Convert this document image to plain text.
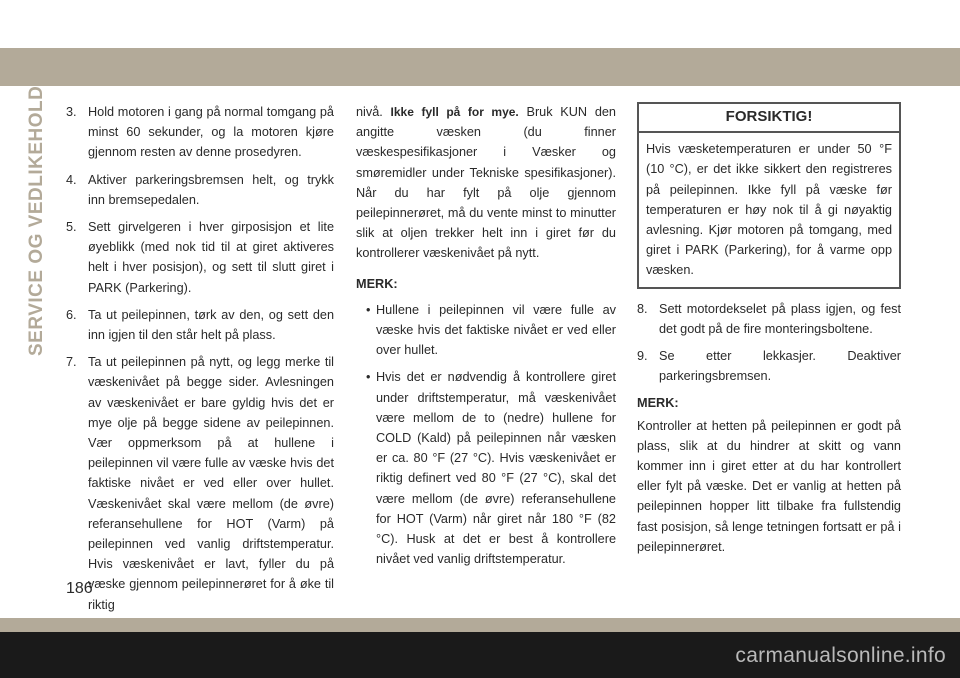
SERVICE OG VEDLIKEHOLD 3. Hold motoren i gang på normal tomgang på minst 60 sekunder, og la motoren kjøre gjennom resten av denne prosedyren.
4. Aktiver parkeringsbremsen helt, og trykk inn bremsepedalen.
5. Sett girvelgeren i hver girposisjon et lite øyeblikk (med nok tid til at giret aktiveres helt i hver posisjon), og sett til slutt giret i PARK (Parkering).
6. Ta ut peilepinnen, tørk av den, og sett den inn igjen til den står helt på plass.
7. Ta ut peilepinnen på nytt, og legg merke til væskenivået på begge sider. Avlesningen av væskenivået er bare gyldig hvis det er mye olje på begge sidene av peilepinnen. Vær oppmerksom på at hullene i peilepinnen vil være fulle av væske hvis det faktiske nivået er ved eller over hullet. Væskenivået skal være mellom (de øvre) referansehullene for HOT (Varm) på peilepinnen ved vanlig driftstemperatur. Hvis væskenivået er lavt, fyller du på væske gjennom peilepinnerøret for å øke til riktig

nivå. Ikke fyll på for mye. Bruk KUN den angitte væsken (du finner væskespesifikasjoner i Væsker og smøremidler under Tekniske spesifikasjoner). Når du har fylt på olje gjennom peilepinnerøret, må du vente minst to minutter slik at oljen trekker helt inn i giret før du kontrollerer væskenivået på nytt.

MERK:
• Hullene i peilepinnen vil være fulle av væske hvis det faktiske nivået er ved eller over hullet.
• Hvis det er nødvendig å kontrollere giret under driftstemperatur, må væskenivået være mellom de to (nedre) hullene for COLD (Kald) på peilepinnen når væsken er ca. 80 °F (27 °C). Hvis væskenivået er riktig definert ved 80 °F (27 °C), skal det være mellom (de øvre) referansehullene for HOT (Varm) når giret når 180 °F (82 °C). Husk at det er best å kontrollere nivået ved vanlig driftstemperatur.
FORSIKTIG!
Hvis væsketemperaturen er under 50 °F (10 °C), er det ikke sikkert den registreres på peilepinnen. Ikke fyll på væske før temperaturen er høy nok til å gi nøyaktig avlesning. Kjør motoren på tomgang, med giret i PARK (Parkering), for å varme opp væsken.
8. Sett motordekselet på plass igjen, og fest det godt på de fire monteringsboltene.
9. Se etter lekkasjer. Deaktiver parkeringsbremsen.
MERK:

Kontroller at hetten på peilepinnen er godt på plass, slik at du hindrer at skitt og vann kommer inn i giret etter at du har kontrollert eller fylt på væske. Det er vanlig at hetten på peilepinnen hopper litt tilbake fra fullstendig fast posisjon, så lenge tetningen fortsatt er på i peilepinnerøret.

186
carmanualsonline.info
